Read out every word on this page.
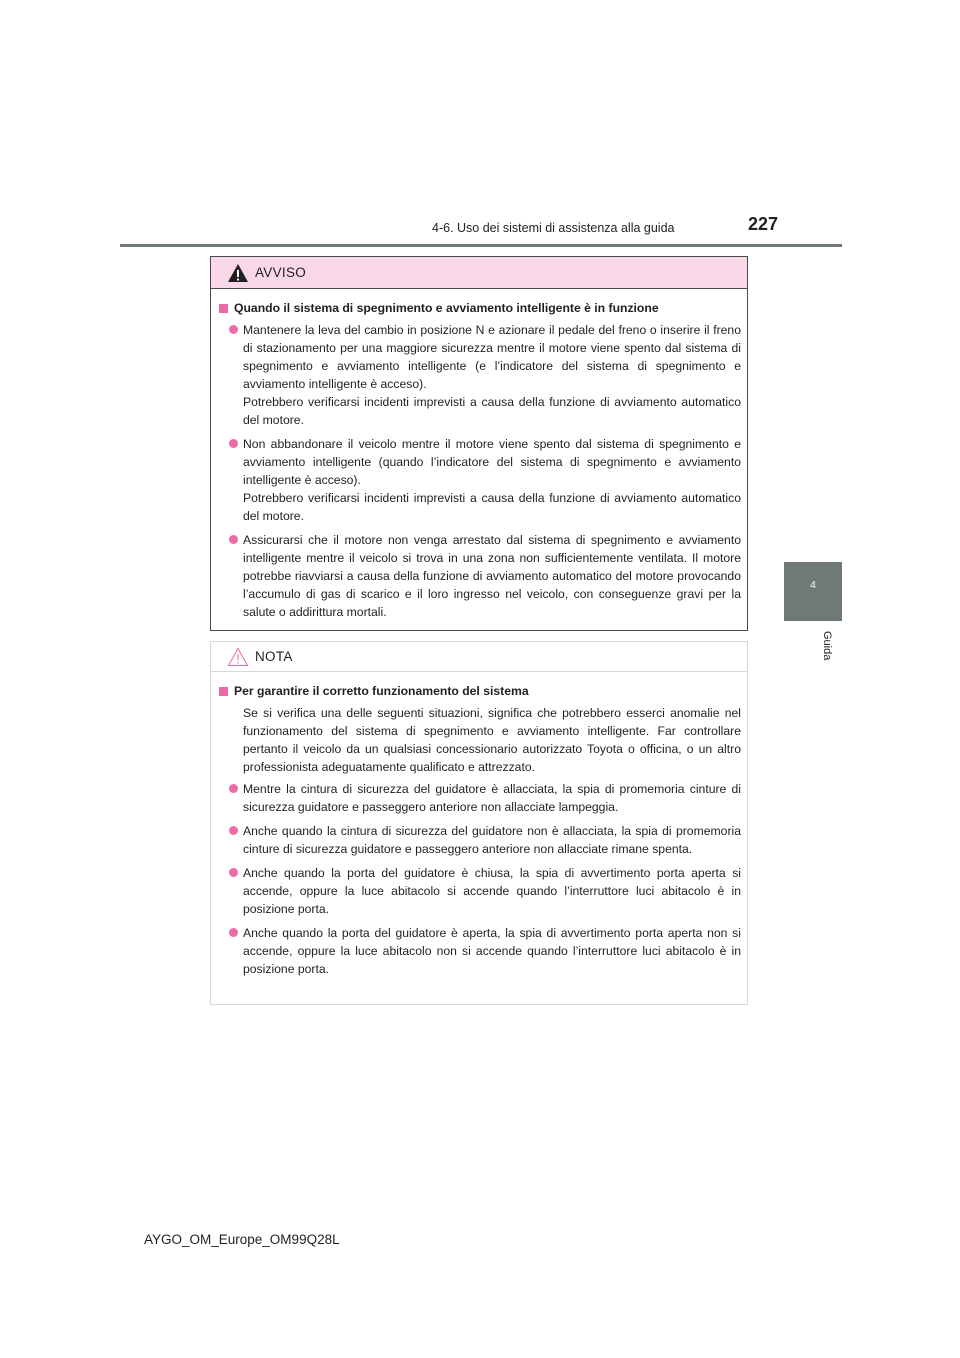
4-6. Uso dei sistemi di assistenza alla guida	227
4
Guida
AVVISO
Quando il sistema di spegnimento e avviamento intelligente è in funzione

Mantenere la leva del cambio in posizione N e azionare il pedale del freno o inserire il freno di stazionamento per una maggiore sicurezza mentre il motore viene spento dal sistema di spegnimento e avviamento intelligente (e l’indicatore del sistema di spegnimento e avviamento intelligente è acceso).

Potrebbero verificarsi incidenti imprevisti a causa della funzione di avviamento automatico del motore.

Non abbandonare il veicolo mentre il motore viene spento dal sistema di spegnimento e avviamento intelligente (quando l’indicatore del sistema di spegnimento e avviamento intelligente è acceso).

Potrebbero verificarsi incidenti imprevisti a causa della funzione di avviamento automatico del motore.

Assicurarsi che il motore non venga arrestato dal sistema di spegnimento e avviamento intelligente mentre il veicolo si trova in una zona non sufficientemente ventilata. Il motore potrebbe riavviarsi a causa della funzione di avviamento automatico del motore provocando l’accumulo di gas di scarico e il loro ingresso nel veicolo, con conseguenze gravi per la salute o addirittura mortali.

NOTA
Per garantire il corretto funzionamento del sistema
Se si verifica una delle seguenti situazioni, significa che potrebbero esserci anomalie nel funzionamento del sistema di spegnimento e avviamento intelligente. Far controllare pertanto il veicolo da un qualsiasi concessionario autorizzato Toyota o officina, o un altro professionista adeguatamente qualificato e attrezzato.

Mentre la cintura di sicurezza del guidatore è allacciata, la spia di promemoria cinture di sicurezza guidatore e passeggero anteriore non allacciate lampeggia.

Anche quando la cintura di sicurezza del guidatore non è allacciata, la spia di promemoria cinture di sicurezza guidatore e passeggero anteriore non allacciate rimane spenta.

Anche quando la porta del guidatore è chiusa, la spia di avvertimento porta aperta si accende, oppure la luce abitacolo si accende quando l’interruttore luci abitacolo è in posizione porta.

Anche quando la porta del guidatore è aperta, la spia di avvertimento porta aperta non si accende, oppure la luce abitacolo non si accende quando l’interruttore luci abitacolo è in posizione porta.

AYGO_OM_Europe_OM99Q28L
